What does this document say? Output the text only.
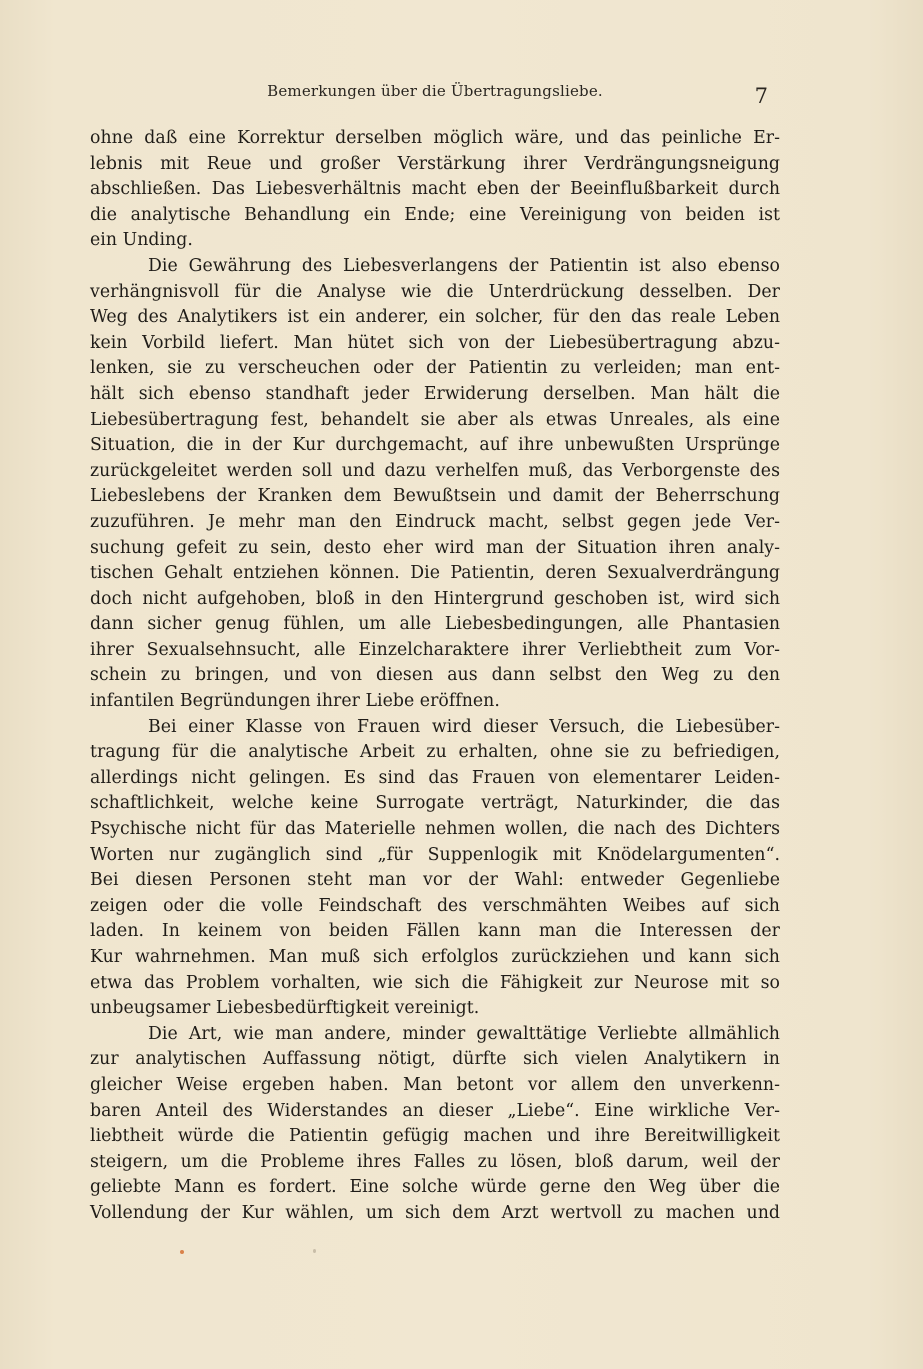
Bemerkungen über die Übertragungsliebe.	7
ohne daß eine Korrektur derselben möglich wäre, und das peinliche Er-
lebnis mit Reue und großer Verstärkung ihrer Verdrängungsneigung
abschließen. Das Liebesverhältnis macht eben der Beeinflußbarkeit durch
die analytische Behandlung ein Ende; eine Vereinigung von beiden ist
ein Unding.
Die Gewährung des Liebesverlangens der Patientin ist also ebenso
verhängnisvoll für die Analyse wie die Unterdrückung desselben. Der
Weg des Analytikers ist ein anderer, ein solcher, für den das reale Leben
kein Vorbild liefert. Man hütet sich von der Liebesübertragung abzu-
lenken, sie zu verscheuchen oder der Patientin zu verleiden; man ent-
hält sich ebenso standhaft jeder Erwiderung derselben. Man hält die
Liebesübertragung fest, behandelt sie aber als etwas Unreales, als eine
Situation, die in der Kur durchgemacht, auf ihre unbewußten Ursprünge
zurückgeleitet werden soll und dazu verhelfen muß, das Verborgenste des
Liebeslebens der Kranken dem Bewußtsein und damit der Beherrschung
zuzuführen. Je mehr man den Eindruck macht, selbst gegen jede Ver-
suchung gefeit zu sein, desto eher wird man der Situation ihren analy-
tischen Gehalt entziehen können. Die Patientin, deren Sexualverdrängung
doch nicht aufgehoben, bloß in den Hintergrund geschoben ist, wird sich
dann sicher genug fühlen, um alle Liebesbedingungen, alle Phantasien
ihrer Sexualsehnsucht, alle Einzelcharaktere ihrer Verliebtheit zum Vor-
schein zu bringen, und von diesen aus dann selbst den Weg zu den
infantilen Begründungen ihrer Liebe eröffnen.
Bei einer Klasse von Frauen wird dieser Versuch, die Liebesüber-
tragung für die analytische Arbeit zu erhalten, ohne sie zu befriedigen,
allerdings nicht gelingen. Es sind das Frauen von elementarer Leiden-
schaftlichkeit, welche keine Surrogate verträgt, Naturkinder, die das
Psychische nicht für das Materielle nehmen wollen, die nach des Dichters
Worten nur zugänglich sind „für Suppenlogik mit Knödelargumenten“.
Bei diesen Personen steht man vor der Wahl: entweder Gegenliebe
zeigen oder die volle Feindschaft des verschmähten Weibes auf sich
laden. In keinem von beiden Fällen kann man die Interessen der
Kur wahrnehmen. Man muß sich erfolglos zurückziehen und kann sich
etwa das Problem vorhalten, wie sich die Fähigkeit zur Neurose mit so
unbeugsamer Liebesbedürftigkeit vereinigt.
Die Art, wie man andere, minder gewalttätige Verliebte allmählich
zur analytischen Auffassung nötigt, dürfte sich vielen Analytikern in
gleicher Weise ergeben haben. Man betont vor allem den unverkenn-
baren Anteil des Widerstandes an dieser „Liebe“. Eine wirkliche Ver-
liebtheit würde die Patientin gefügig machen und ihre Bereitwilligkeit
steigern, um die Probleme ihres Falles zu lösen, bloß darum, weil der
geliebte Mann es fordert. Eine solche würde gerne den Weg über die
Vollendung der Kur wählen, um sich dem Arzt wertvoll zu machen und
